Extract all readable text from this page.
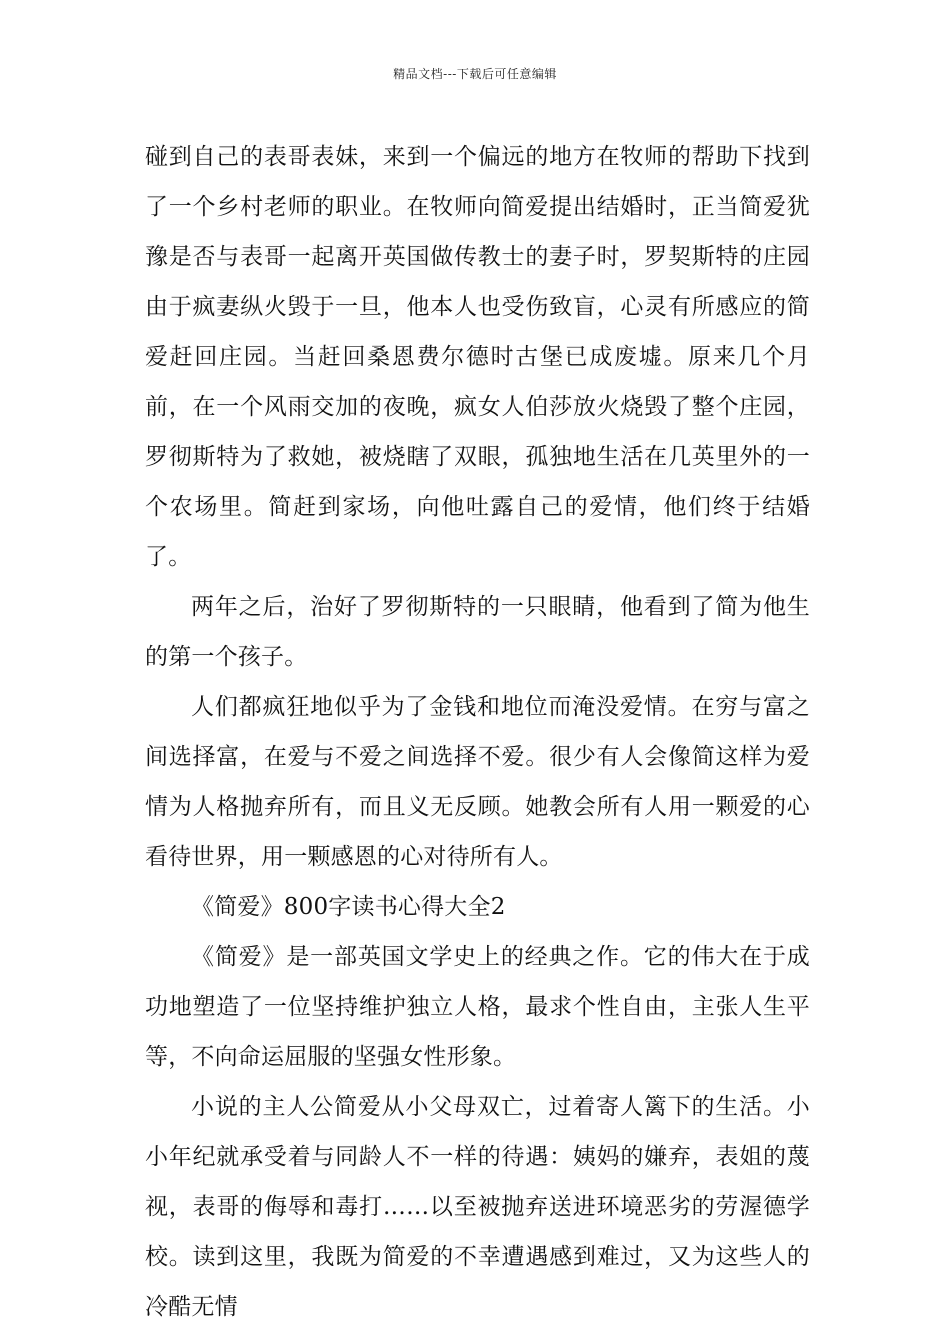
精品文档---下载后可任意编辑

碰到自己的表哥表妹，来到一个偏远的地方在牧师的帮助下找到了一个乡村老师的职业。在牧师向简爱提出结婚时，正当简爱犹豫是否与表哥一起离开英国做传教士的妻子时，罗契斯特的庄园由于疯妻纵火毁于一旦，他本人也受伤致盲，心灵有所感应的简爱赶回庄园。当赶回桑恩费尔德时古堡已成废墟。原来几个月前，在一个风雨交加的夜晚，疯女人伯莎放火烧毁了整个庄园，罗彻斯特为了救她，被烧瞎了双眼，孤独地生活在几英里外的一个农场里。简赶到家场，向他吐露自己的爱情，他们终于结婚了。

两年之后，治好了罗彻斯特的一只眼睛，他看到了简为他生的第一个孩子。

人们都疯狂地似乎为了金钱和地位而淹没爱情。在穷与富之间选择富，在爱与不爱之间选择不爱。很少有人会像简这样为爱情为人格抛弃所有，而且义无反顾。她教会所有人用一颗爱的心看待世界，用一颗感恩的心对待所有人。

《简爱》800字读书心得大全2

《简爱》是一部英国文学史上的经典之作。它的伟大在于成功地塑造了一位坚持维护独立人格，最求个性自由，主张人生平等，不向命运屈服的坚强女性形象。

小说的主人公简爱从小父母双亡，过着寄人篱下的生活。小小年纪就承受着与同龄人不一样的待遇：姨妈的嫌弃，表姐的蔑视，表哥的侮辱和毒打……以至被抛弃送进环境恶劣的劳渥德学校。读到这里，我既为简爱的不幸遭遇感到难过，又为这些人的冷酷无情
